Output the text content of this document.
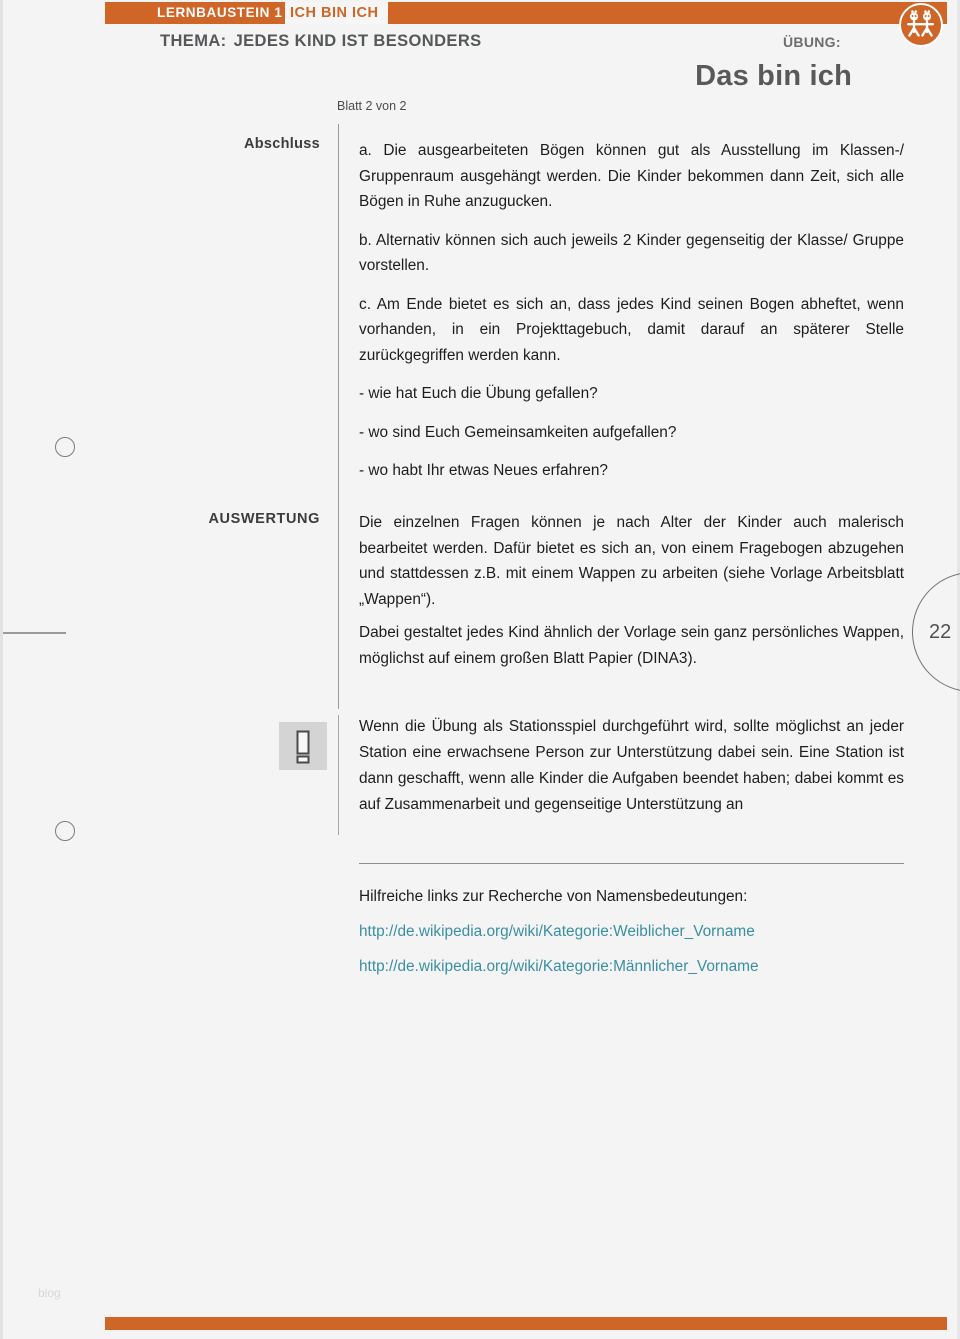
LERNBAUSTEIN 1 ICH BIN ICH
THEMA: JEDES KIND IST BESONDERS	ÜBUNG:
Das bin ich
Blatt 2 von 2
Abschluss	a. Die ausgearbeiteten Bögen können gut als Ausstellung im Klassen-/ Gruppenraum ausgehängt werden. Die Kinder bekommen dann Zeit, sich alle Bögen in Ruhe anzugucken.

b. Alternativ können sich auch jeweils 2 Kinder gegenseitig der Klasse/ Gruppe vorstellen.

c. Am Ende bietet es sich an, dass jedes Kind seinen Bogen abheftet, wenn vorhanden, in ein Projekttagebuch, damit darauf an späterer Stelle zurückgegriffen werden kann.

- wie hat Euch die Übung gefallen?

- wo sind Euch Gemeinsamkeiten aufgefallen?

- wo habt Ihr etwas Neues erfahren?

AUSWERTUNG	Die einzelnen Fragen können je nach Alter der Kinder auch malerisch bearbeitet werden. Dafür bietet es sich an, von einem Fragebogen abzugehen und stattdessen z.B. mit einem Wappen zu arbeiten (siehe Vorlage Arbeitsblatt „Wappen“).

Dabei gestaltet jedes Kind ähnlich der Vorlage sein ganz persönliches Wappen, möglichst auf einem großen Blatt Papier (DINA3).

22
Wenn die Übung als Stationsspiel durchgeführt wird, sollte möglichst an jeder Station eine erwachsene Person zur Unterstützung dabei sein. Eine Station ist dann geschafft, wenn alle Kinder die Aufgaben beendet haben; dabei kommt es auf Zusammenarbeit und gegenseitige Unterstützung an
Hilfreiche links zur Recherche von Namensbedeutungen:
http://de.wikipedia.org/wiki/Kategorie:Weiblicher_Vorname
http://de.wikipedia.org/wiki/Kategorie:Männlicher_Vorname
blog
